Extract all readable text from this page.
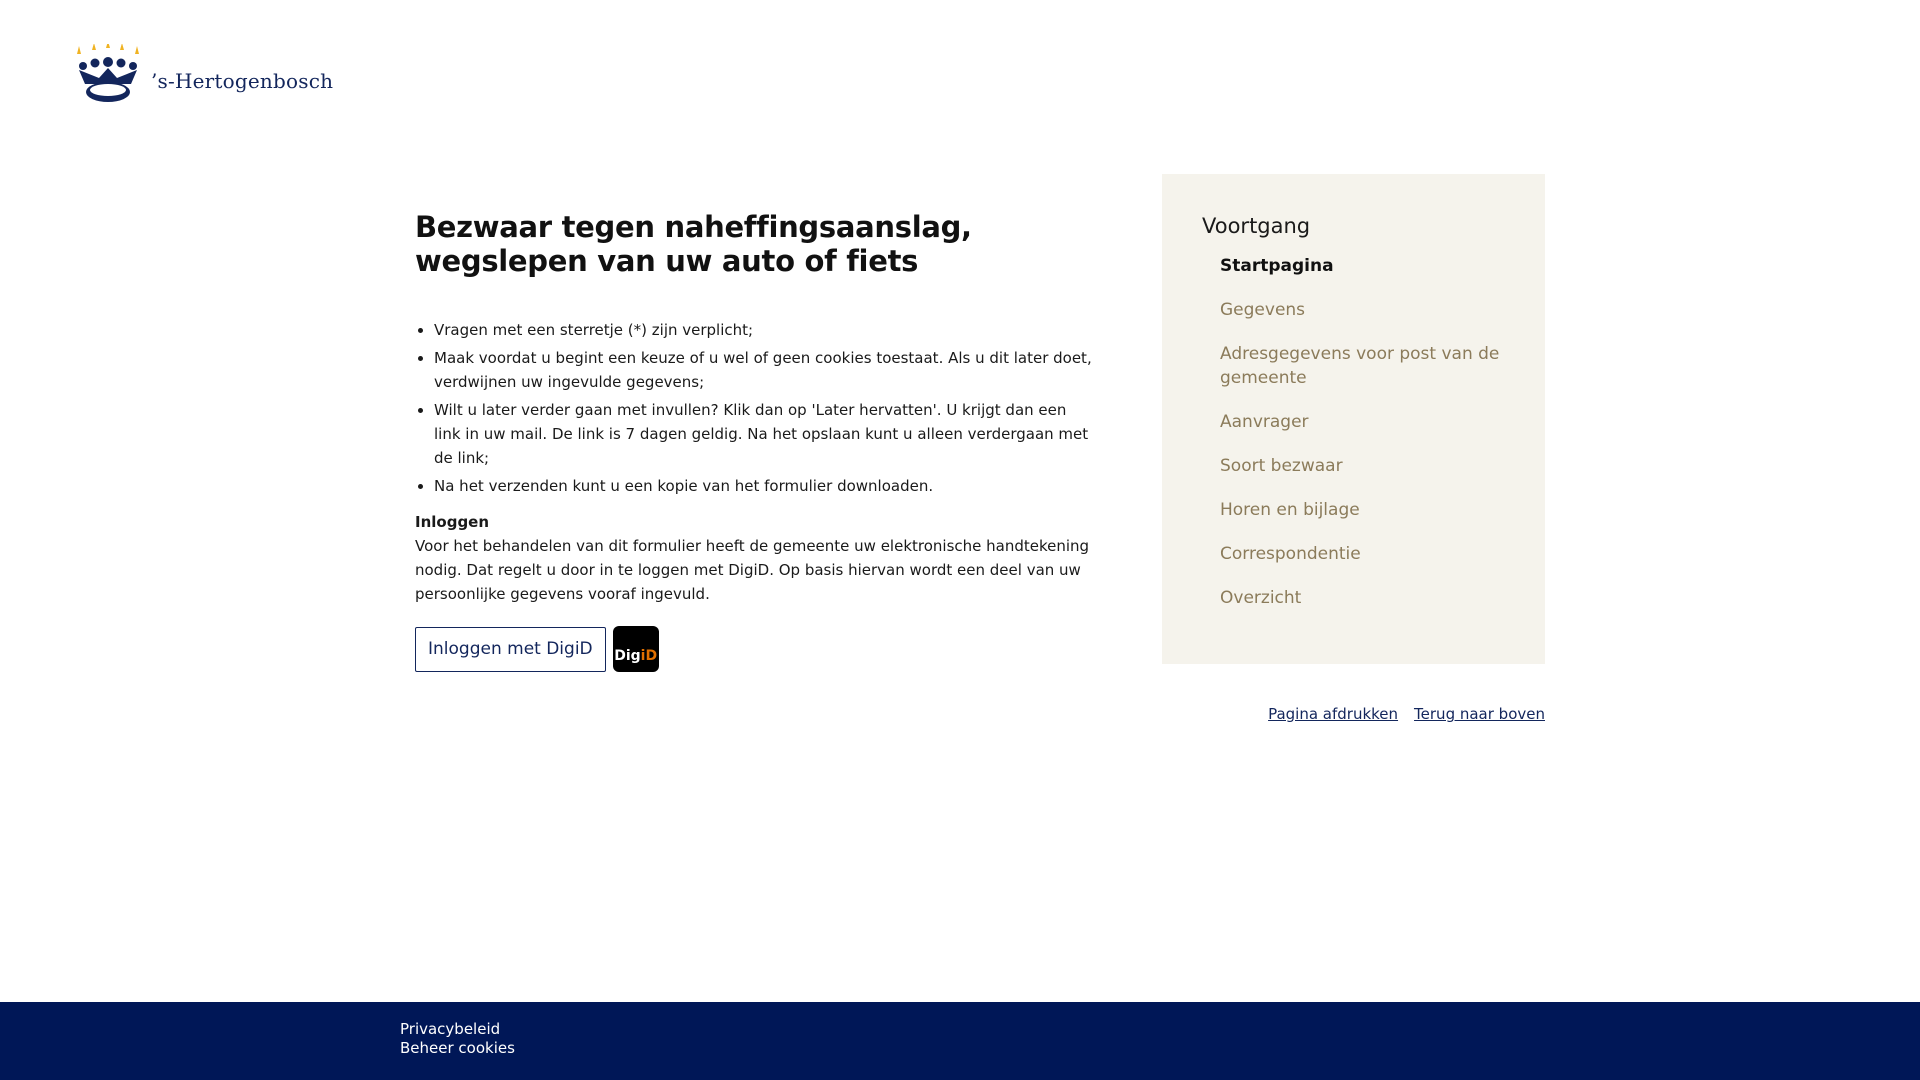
’s-Hertogenbosch
Bezwaar tegen naheffingsaanslag, wegslepen van uw auto of fiets
• Vragen met een sterretje (*) zijn verplicht;
• Maak voordat u begint een keuze of u wel of geen cookies toestaat. Als u dit later doet, verdwijnen uw ingevulde gegevens;
• Wilt u later verder gaan met invullen? Klik dan op 'Later hervatten'. U krijgt dan een link in uw mail. De link is 7 dagen geldig. Na het opslaan kunt u alleen verdergaan met de link;
• Na het verzenden kunt u een kopie van het formulier downloaden.
Inloggen

Voor het behandelen van dit formulier heeft de gemeente uw elektronische handtekening nodig. Dat regelt u door in te loggen met DigiD. Op basis hiervan wordt een deel van uw persoonlijke gegevens vooraf ingevuld.

Inloggen met DigiD	Dig iD
Voortgang
Startpagina
Gegevens
Adresgegevens voor post van de gemeente
Aanvrager
Soort bezwaar
Horen en bijlage
Correspondentie
Overzicht
Pagina afdrukken Terug naar boven
Privacybeleid
Beheer cookies
